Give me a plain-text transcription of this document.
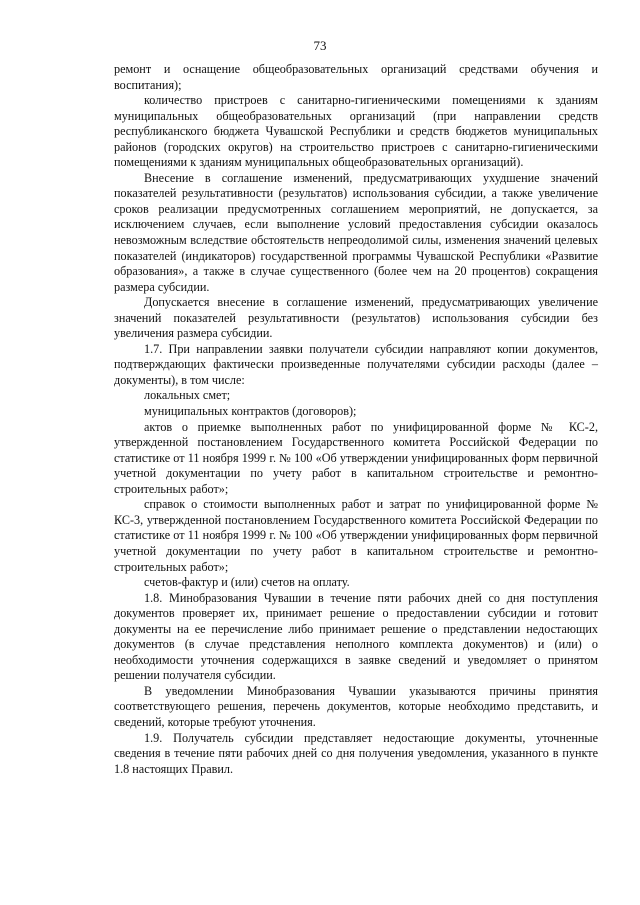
73

ремонт и оснащение общеобразовательных организаций средствами обучения и воспитания);

количество пристроев с санитарно-гигиеническими помещениями к зданиям муниципальных общеобразовательных организаций (при направлении средств республиканского бюджета Чувашской Республики и средств бюджетов муниципальных районов (городских округов) на строительство пристроев с санитарно-гигиеническими помещениями к зданиям муниципальных общеобразовательных организаций).

Внесение в соглашение изменений, предусматривающих ухудшение значений показателей результативности (результатов) использования субсидии, а также увеличение сроков реализации предусмотренных соглашением мероприятий, не допускается, за исключением случаев, если выполнение условий предоставления субсидии оказалось невозможным вследствие обстоятельств непреодолимой силы, изменения значений целевых показателей (индикаторов) государственной программы Чувашской Республики «Развитие образования», а также в случае существенного (более чем на 20 процентов) сокращения размера субсидии.

Допускается внесение в соглашение изменений, предусматривающих увеличение значений показателей результативности (результатов) использования субсидии без увеличения размера субсидии.

1.7. При направлении заявки получатели субсидии направляют копии документов, подтверждающих фактически произведенные получателями субсидии расходы (далее – документы), в том числе:

локальных смет;

муниципальных контрактов (договоров);

актов о приемке выполненных работ по унифицированной форме № КС-2, утвержденной постановлением Государственного комитета Российской Федерации по статистике от 11 ноября 1999 г. № 100 «Об утверждении унифицированных форм первичной учетной документации по учету работ в капитальном строительстве и ремонтно-строительных работ»;

справок о стоимости выполненных работ и затрат по унифицированной форме № КС-3, утвержденной постановлением Государственного комитета Российской Федерации по статистике от 11 ноября 1999 г. № 100 «Об утверждении унифицированных форм первичной учетной документации по учету работ в капитальном строительстве и ремонтно-строительных работ»;

счетов-фактур и (или) счетов на оплату.

1.8. Минобразования Чувашии в течение пяти рабочих дней со дня поступления документов проверяет их, принимает решение о предоставлении субсидии и готовит документы на ее перечисление либо принимает решение о представлении недостающих документов (в случае представления неполного комплекта документов) и (или) о необходимости уточнения содержащихся в заявке сведений и уведомляет о принятом решении получателя субсидии.

В уведомлении Минобразования Чувашии указываются причины принятия соответствующего решения, перечень документов, которые необходимо представить, и сведений, которые требуют уточнения.

1.9. Получатель субсидии представляет недостающие документы, уточненные сведения в течение пяти рабочих дней со дня получения уведомления, указанного в пункте 1.8 настоящих Правил.
